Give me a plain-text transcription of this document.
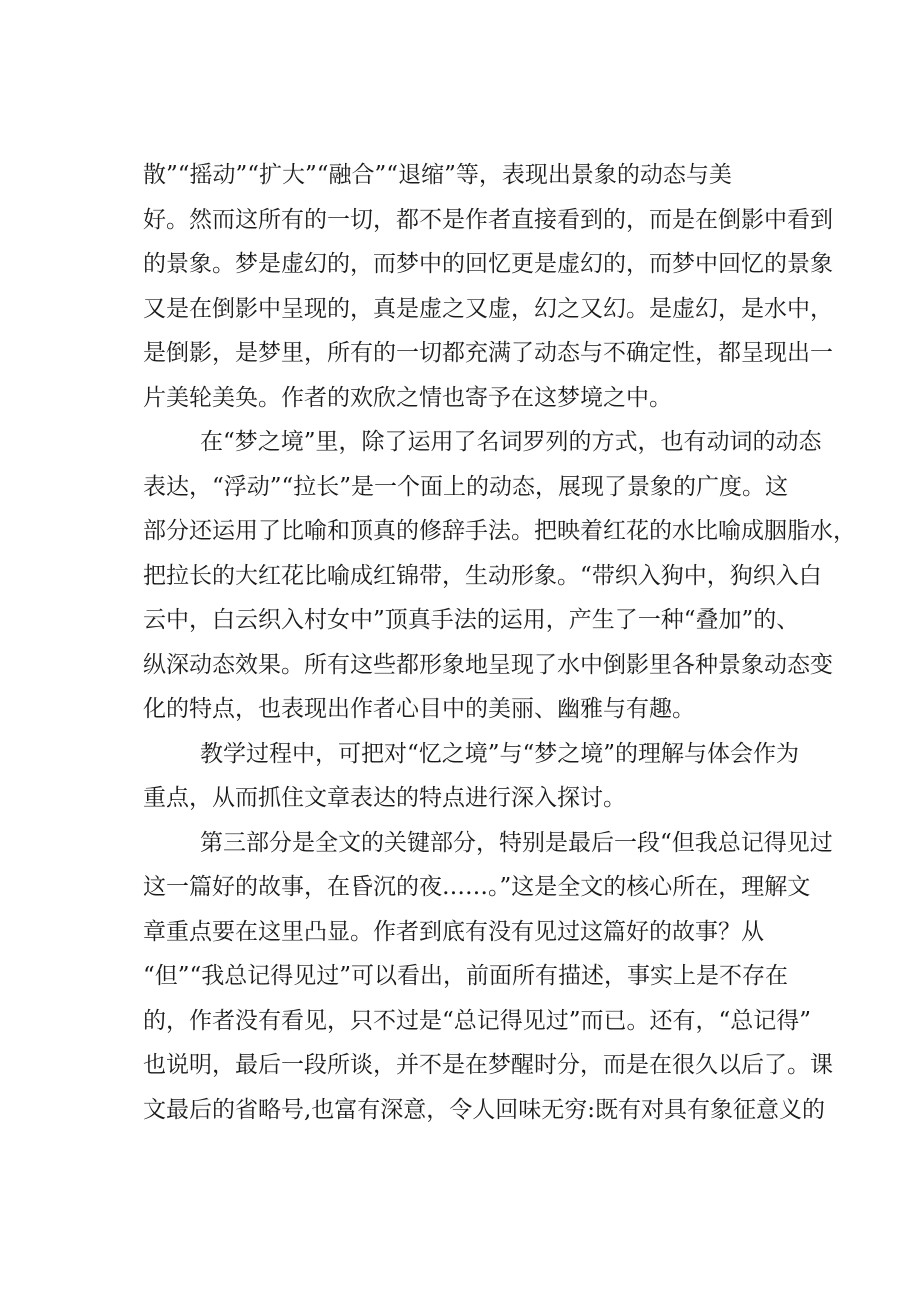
散”“摇动”“扩大”“融合”“退缩”等，表现出景象的动态与美
好。然而这所有的一切，都不是作者直接看到的，而是在倒影中看到
的景象。梦是虚幻的，而梦中的回忆更是虚幻的，而梦中回忆的景象
又是在倒影中呈现的，真是虚之又虚，幻之又幻。是虚幻，是水中，
是倒影，是梦里，所有的一切都充满了动态与不确定性，都呈现出一
片美轮美奂。作者的欢欣之情也寄予在这梦境之中。
在“梦之境”里，除了运用了名词罗列的方式，也有动词的动态
表达，“浮动”“拉长”是一个面上的动态，展现了景象的广度。这
部分还运用了比喻和顶真的修辞手法。把映着红花的水比喻成胭脂水，
把拉长的大红花比喻成红锦带，生动形象。“带织入狗中，狗织入白
云中，白云织入村女中”顶真手法的运用，产生了一种“叠加”的、
纵深动态效果。所有这些都形象地呈现了水中倒影里各种景象动态变
化的特点，也表现出作者心目中的美丽、幽雅与有趣。
教学过程中，可把对“忆之境”与“梦之境”的理解与体会作为
重点，从而抓住文章表达的特点进行深入探讨。
第三部分是全文的关键部分，特别是最后一段“但我总记得见过
这一篇好的故事，在昏沉的夜……。”这是全文的核心所在，理解文
章重点要在这里凸显。作者到底有没有见过这篇好的故事？从
“但”“我总记得见过”可以看出，前面所有描述，事实上是不存在
的，作者没有看见，只不过是“总记得见过”而已。还有，“总记得”
也说明，最后一段所谈，并不是在梦醒时分，而是在很久以后了。课
文最后的省略号,也富有深意，令人回味无穷:既有对具有象征意义的
